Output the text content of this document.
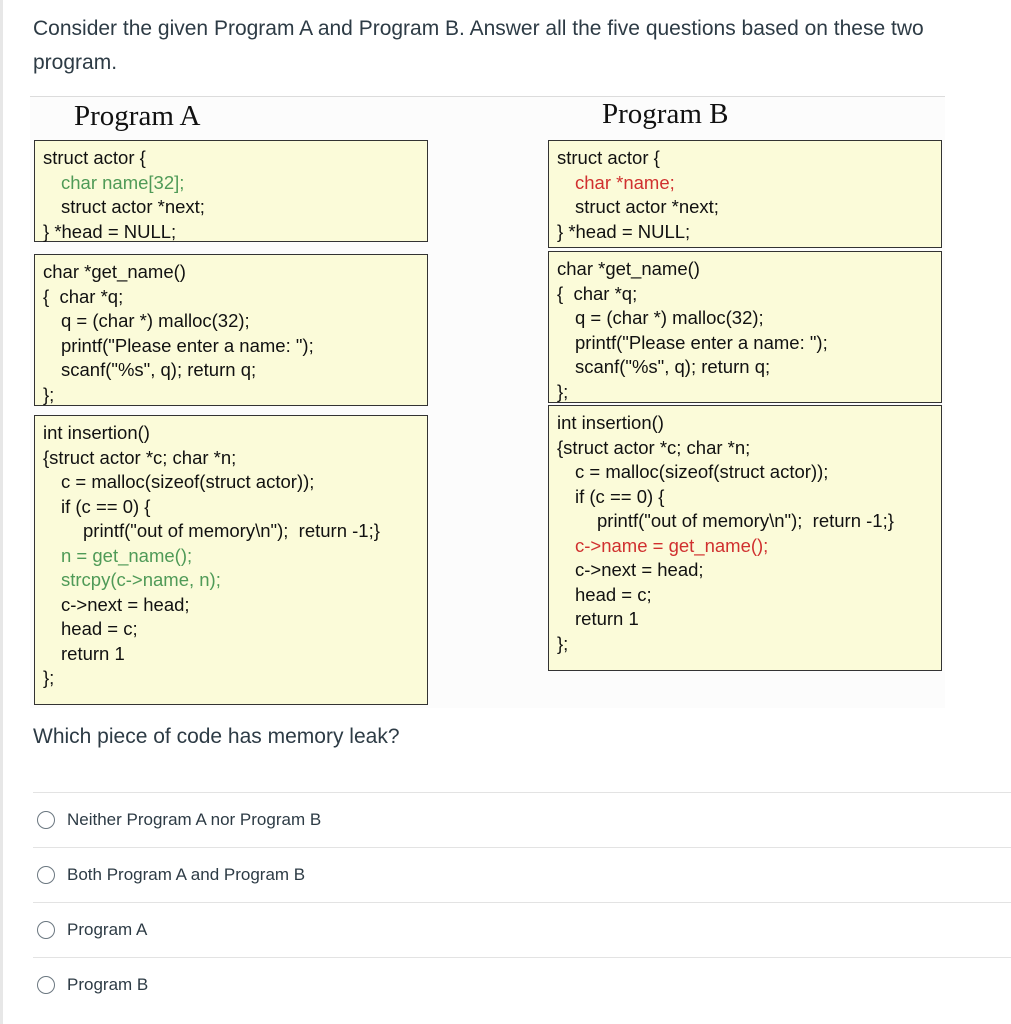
Consider the given Program A and Program B. Answer all the five questions based on these two program.
Program A	Program B
struct actor {
char name[32];
struct actor *next;
} *head = NULL;
char *get_name()
{  char *q;
q = (char *) malloc(32);
printf("Please enter a name: ");
scanf("%s", q); return q;
};
int insertion()
{struct actor *c; char *n;
c = malloc(sizeof(struct actor));
if (c == 0) {
printf("out of memory\n");  return -1;}
n = get_name();
strcpy(c->name, n);
c->next = head;
head = c;
return 1
};
struct actor {
char *name;
struct actor *next;
} *head = NULL;
char *get_name()
{  char *q;
q = (char *) malloc(32);
printf("Please enter a name: ");
scanf("%s", q); return q;
};
int insertion()
{struct actor *c; char *n;
c = malloc(sizeof(struct actor));
if (c == 0) {
printf("out of memory\n");  return -1;}
c->name = get_name();
c->next = head;
head = c;
return 1
};
Which piece of code has memory leak?
Neither Program A nor Program B
Both Program A and Program B
Program A
Program B
